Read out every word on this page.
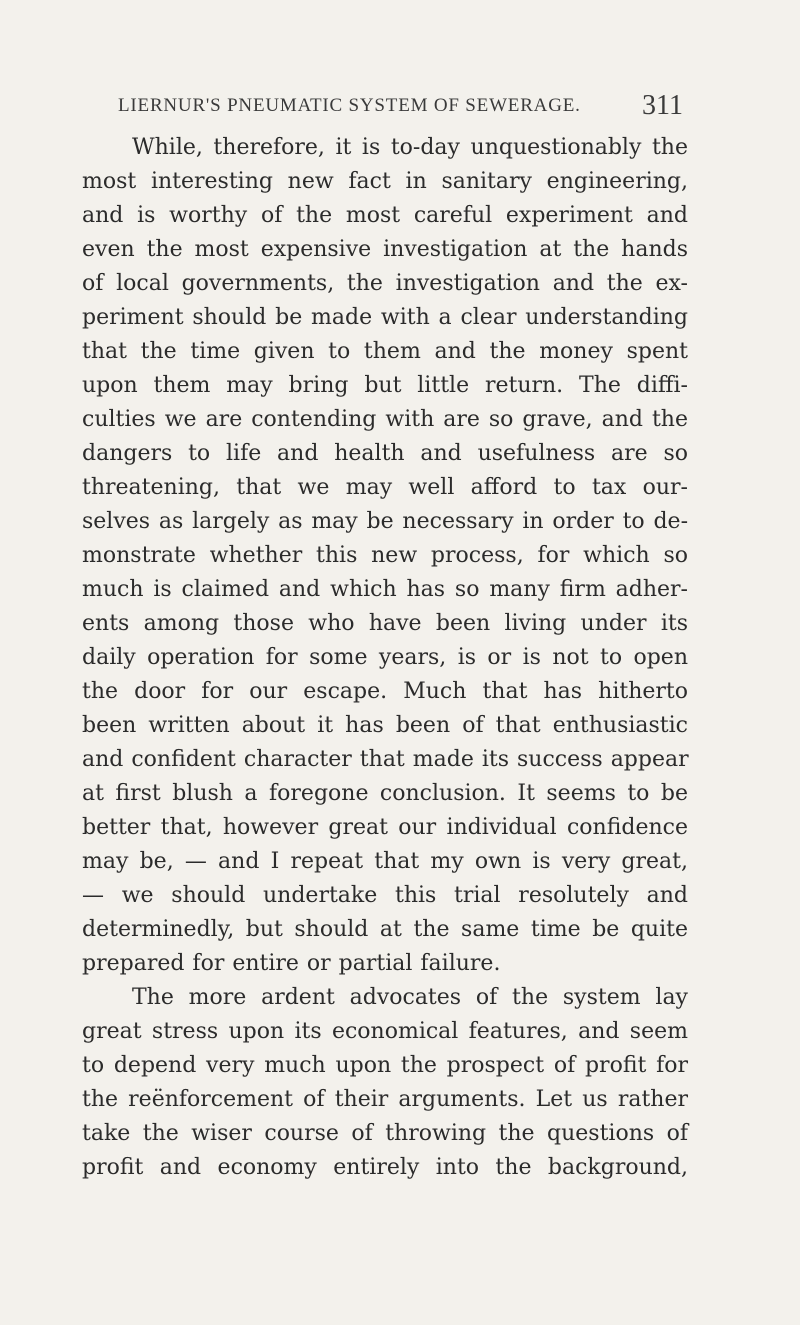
LIERNUR'S PNEUMATIC SYSTEM OF SEWERAGE. 311
While, therefore, it is to-day unquestionably the
most interesting new fact in sanitary engineering,
and is worthy of the most careful experiment and
even the most expensive investigation at the hands
of local governments, the investigation and the ex-
periment should be made with a clear understanding
that the time given to them and the money spent
upon them may bring but little return. The diffi-
culties we are contending with are so grave, and the
dangers to life and health and usefulness are so
threatening, that we may well afford to tax our-
selves as largely as may be necessary in order to de-
monstrate whether this new process, for which so
much is claimed and which has so many firm adher-
ents among those who have been living under its
daily operation for some years, is or is not to open
the door for our escape. Much that has hitherto
been written about it has been of that enthusiastic
and confident character that made its success appear
at first blush a foregone conclusion. It seems to be
better that, however great our individual confidence
may be, — and I repeat that my own is very great,
— we should undertake this trial resolutely and
determinedly, but should at the same time be quite
prepared for entire or partial failure.
The more ardent advocates of the system lay
great stress upon its economical features, and seem
to depend very much upon the prospect of profit for
the reënforcement of their arguments. Let us rather
take the wiser course of throwing the questions of
profit and economy entirely into the background,
